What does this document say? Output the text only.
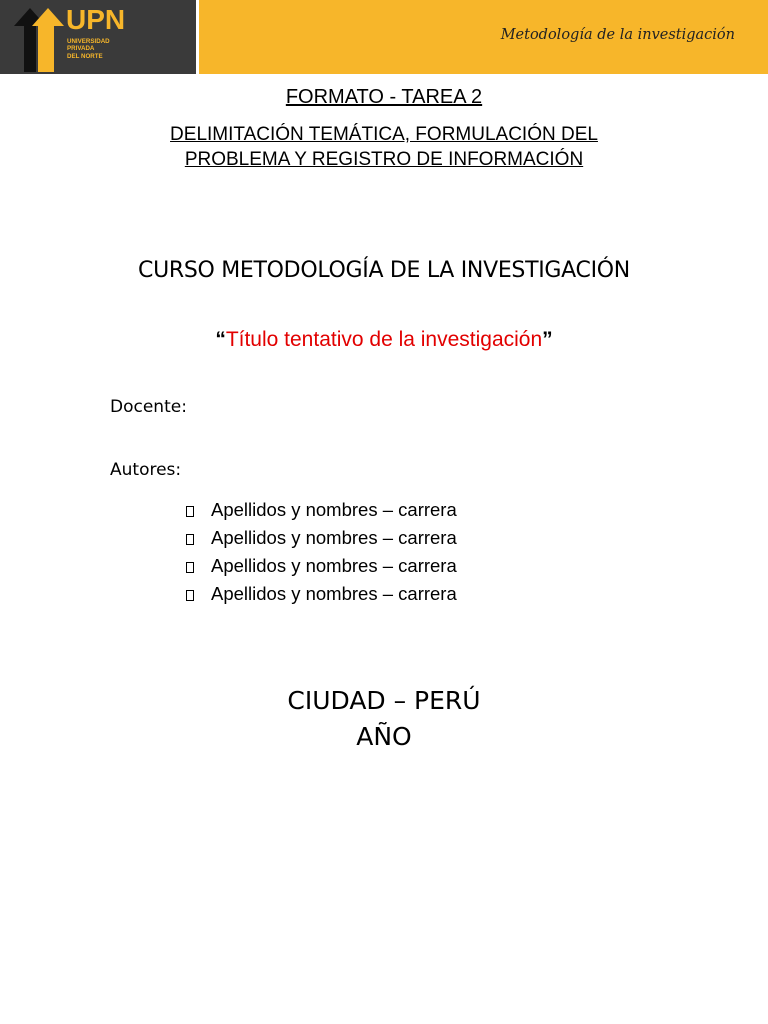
UPN
UNIVERSIDAD
PRIVADA
DEL NORTE
Metodología de la investigación
FORMATO - TAREA 2
DELIMITACIÓN TEMÁTICA, FORMULACIÓN DEL
PROBLEMA Y REGISTRO DE INFORMACIÓN
CURSO METODOLOGÍA DE LA INVESTIGACIÓN
“Título tentativo de la investigación”
Docente:
Autores:
Apellidos y nombres – carrera
Apellidos y nombres – carrera
Apellidos y nombres – carrera
Apellidos y nombres – carrera
CIUDAD – PERÚ
AÑO
